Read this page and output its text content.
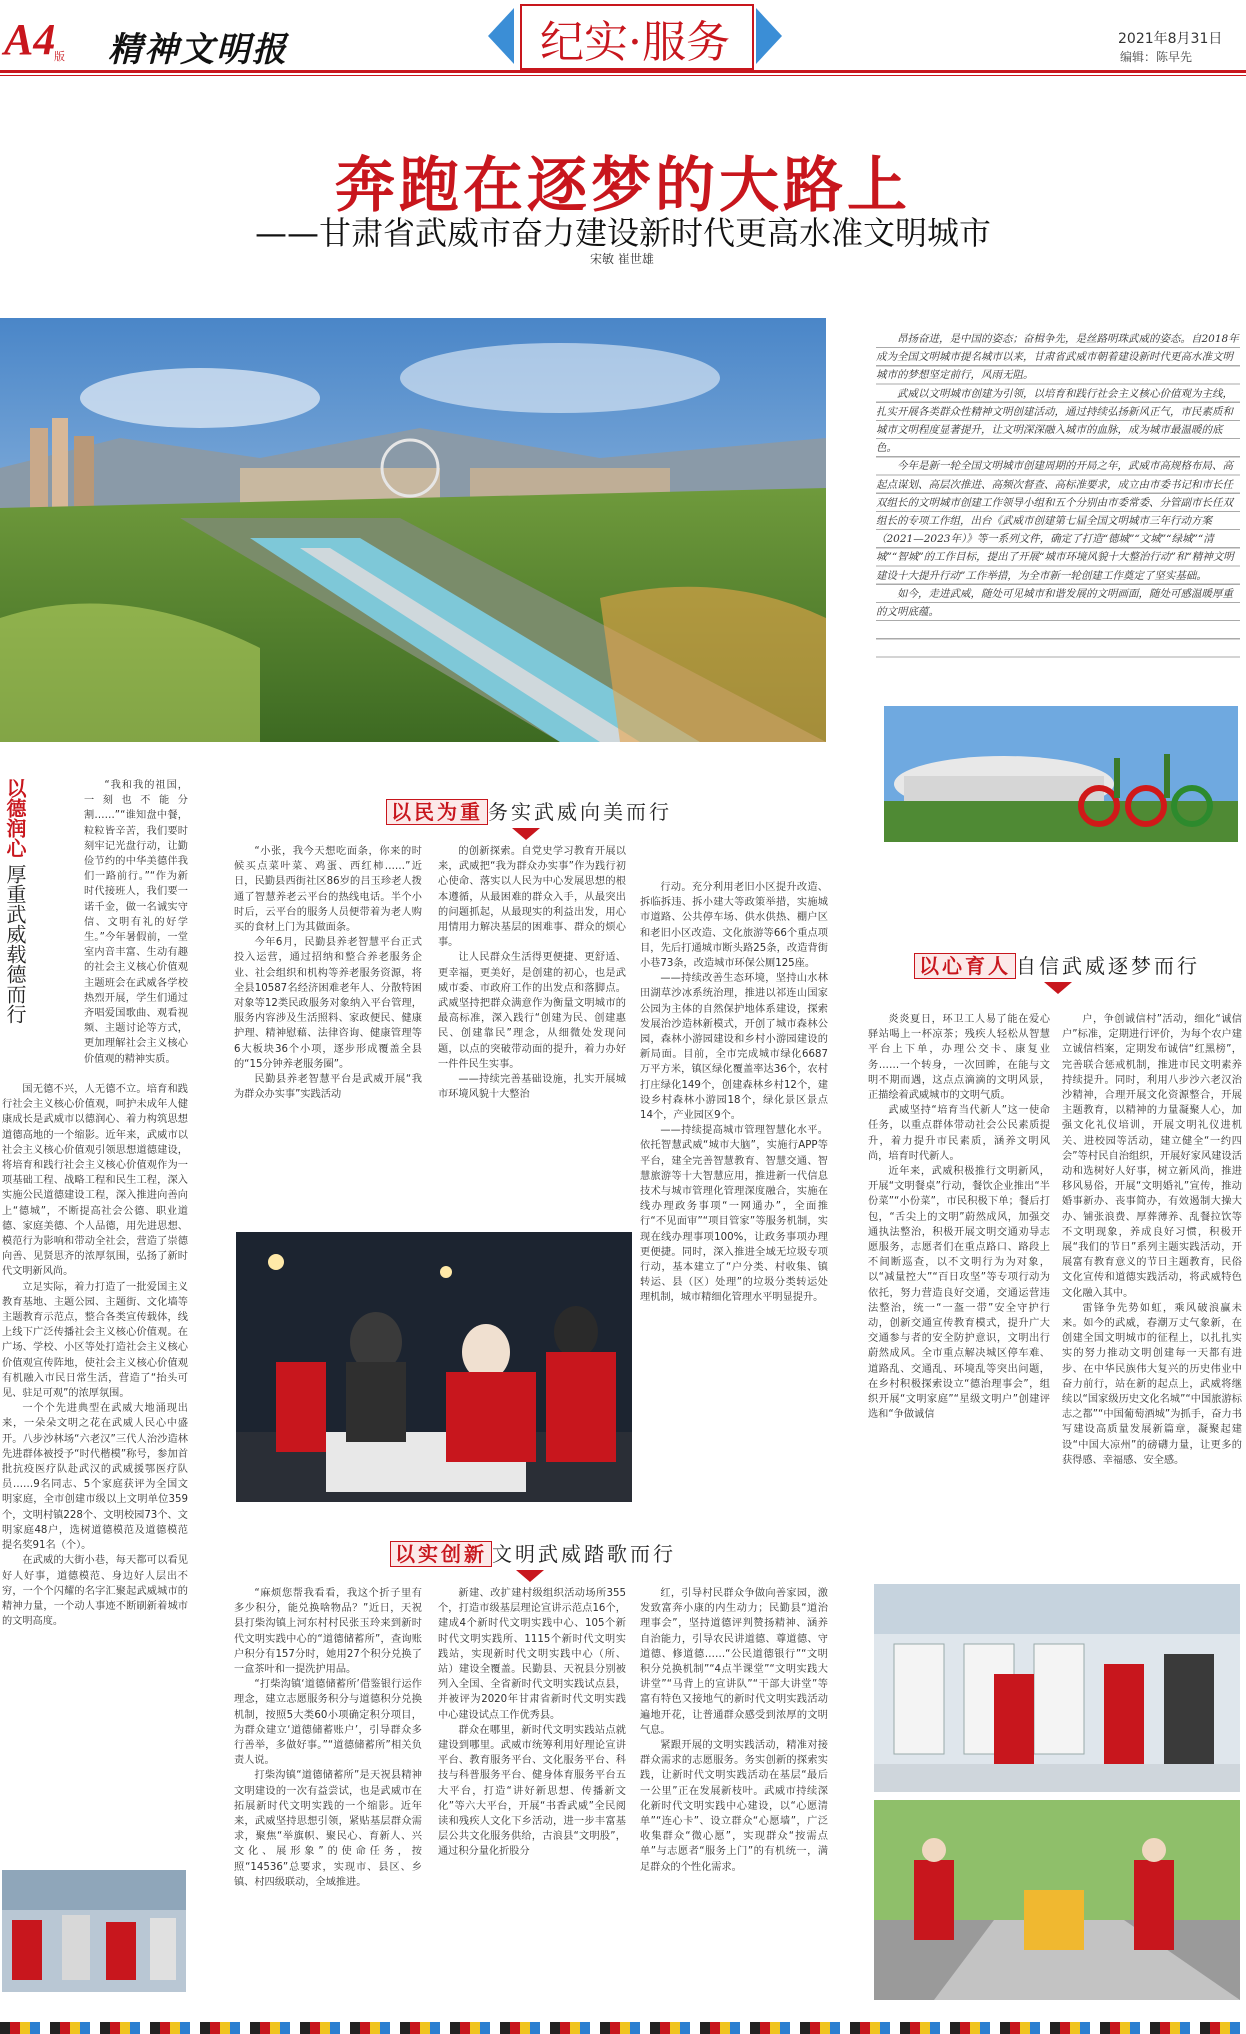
A4
版 精神文明报	纪实·服务	2021年8月31日
编辑：陈早先
奔跑在逐梦的大路上
——甘肃省武威市奋力建设新时代更高水准文明城市
宋敏 崔世雄

昂扬奋进，是中国的姿态；奋楫争先，是丝路明珠武威的姿态。自2018年成为全国文明城市提名城市以来，甘肃省武威市朝着建设新时代更高水准文明城市的梦想坚定前行，风雨无阻。

武威以文明城市创建为引领，以培育和践行社会主义核心价值观为主线，扎实开展各类群众性精神文明创建活动，通过持续弘扬新风正气，市民素质和城市文明程度显著提升，让文明深深融入城市的血脉，成为城市最温暖的底色。

今年是新一轮全国文明城市创建周期的开局之年，武威市高规格布局、高起点谋划、高层次推进、高频次督查、高标准要求，成立由市委书记和市长任双组长的文明城市创建工作领导小组和五个分别由市委常委、分管副市长任双组长的专项工作组，出台《武威市创建第七届全国文明城市三年行动方案（2021—2023年）》等一系列文件，确定了打造“德城”“文城”“绿城”“清城”“智城”的工作目标，提出了开展“城市环境风貌十大整治行动”和“精神文明建设十大提升行动”工作举措，为全市新一轮创建工作奠定了坚实基础。

如今，走进武威，随处可见城市和谐发展的文明画面，随处可感温暖厚重的文明底蕴。

以民为重 务实武威向美而行
以心育人 自信武威逐梦而行
以德润心
厚重武威载德而行

“我和我的祖国，一刻也不能分割……”“谁知盘中餐，粒粒皆辛苦，我们要时刻牢记光盘行动，让勤俭节约的中华美德伴我们一路前行。”“作为新时代接班人，我们要一诺千金，做一名诚实守信、文明有礼的好学生。”今年暑假前，一堂室内音丰富、生动有趣的社会主义核心价值观主题班会在武威各学校热烈开展，学生们通过齐唱爱国歌曲、观看视频、主题讨论等方式，更加理解社会主义核心价值观的精神实质。

国无德不兴，人无德不立。培育和践行社会主义核心价值观，呵护未成年人健康成长是武威市以德润心、着力构筑思想道德高地的一个缩影。近年来，武威市以社会主义核心价值观引领思想道德建设，将培育和践行社会主义核心价值观作为一项基础工程、战略工程和民生工程，深入实施公民道德建设工程，深入推进向善向上“德城”，不断提高社会公德、职业道德、家庭美德、个人品德，用先进思想、模范行为影响和带动全社会，营造了崇德向善、见贤思齐的浓厚氛围，弘扬了新时代文明新风尚。

立足实际，着力打造了一批爱国主义教育基地、主题公园、主题街、文化墙等主题教育示范点，整合各类宣传载体，线上线下广泛传播社会主义核心价值观。在广场、学校、小区等处打造社会主义核心价值观宣传阵地，使社会主义核心价值观有机融入市民日常生活，营造了“抬头可见、驻足可观”的浓厚氛围。

一个个先进典型在武威大地涌现出来，一朵朵文明之花在武威人民心中盛开。八步沙林场“六老汉”三代人治沙造林先进群体被授予“时代楷模”称号，参加首批抗疫医疗队赴武汉的武威援鄂医疗队员……9名同志、5个家庭获评为全国文明家庭，全市创建市级以上文明单位359个，文明村镇228个、文明校园73个、文明家庭48户，选树道德模范及道德模范提名奖91名（个）。

在武威的大街小巷，每天都可以看见好人好事，道德模范、身边好人层出不穷，一个个闪耀的名字汇聚起武威城市的精神力量，一个动人事迹不断刷新着城市的文明高度。

“小张，我今天想吃面条，你来的时候买点菜叶菜、鸡蛋、西红柿……”近日，民勤县西街社区86岁的吕玉珍老人拨通了智慧养老云平台的热线电话。半个小时后，云平台的服务人员便带着为老人购买的食材上门为其做面条。

今年6月，民勤县养老智慧平台正式投入运营，通过招纳和整合养老服务企业、社会组织和机构等养老服务资源，将全县10587名经济困难老年人、分散特困对象等12类民政服务对象纳入平台管理，服务内容涉及生活照料、家政便民、健康护理、精神慰藉、法律咨询、健康管理等6大板块36个小项，逐步形成覆盖全县的“15分钟养老服务圈”。

民勤县养老智慧平台是武威开展“我为群众办实事”实践活动

的创新探索。自党史学习教育开展以来，武威把“我为群众办实事”作为践行初心使命、落实以人民为中心发展思想的根本遵循，从最困难的群众入手，从最突出的问题抓起，从最现实的利益出发，用心用情用力解决基层的困难事、群众的烦心事。

让人民群众生活得更便捷、更舒适、更幸福，更美好，是创建的初心，也是武威市委、市政府工作的出发点和落脚点。武威坚持把群众满意作为衡量文明城市的最高标准，深入践行“创建为民、创建惠民、创建靠民”理念，从细微处发现问题，以点的突破带动面的提升，着力办好一件件民生实事。

——持续完善基础设施，扎实开展城市环境风貌十大整治

行动。充分利用老旧小区提升改造、拆临拆违、拆小建大等政策举措，实施城市道路、公共停车场、供水供热、棚户区和老旧小区改造、文化旅游等66个重点项目，先后打通城市断头路25条，改造背街小巷73条，改造城市环保公厕125座。

——持续改善生态环境，坚持山水林田湖草沙冰系统治理，推进以祁连山国家公园为主体的自然保护地体系建设，探索发展治沙造林新模式，开创了城市森林公园，森林小游园建设和乡村小游园建设的新局面。目前，全市完成城市绿化6687万平方米，镇区绿化覆盖率达36个，农村打庄绿化149个，创建森林乡村12个，建设乡村森林小游园18个，绿化景区景点14个，产业园区9个。

——持续提高城市管理智慧化水平。依托智慧武威“城市大脑”，实施行APP等平台，建全完善智慧教育、智慧交通、智慧旅游等十大智慧应用，推进新一代信息技术与城市管理化管理深度融合，实施在线办理政务事项“一网通办”，全面推行“不见面审”“项目管家”等服务机制，实现在线办理事项100%，让政务事项办理更便捷。同时，深入推进全域无垃圾专项行动，基本建立了“户分类、村收集、镇转运、县（区）处理”的垃圾分类转运处理机制，城市精细化管理水平明显提升。

以实创新 文明武威踏歌而行

“麻烦您帮我看看，我这个折子里有多少积分，能兑换啥物品？”近日，天祝县打柴沟镇上河东村村民张玉玲来到新时代文明实践中心的“道德储蓄所”，查询账户积分有157分时，她用27个积分兑换了一盒茶叶和一提洗护用品。

“打柴沟镇‘道德储蓄所’借鉴银行运作理念，建立志愿服务积分与道德积分兑换机制，按照5大类60小项确定积分项目，为群众建立‘道德储蓄账户’，引导群众多行善举，多做好事。”“道德储蓄所”相关负责人说。

打柴沟镇“道德储蓄所”是天祝县精神文明建设的一次有益尝试，也是武威市在拓展新时代文明实践的一个缩影。近年来，武威坚持思想引领，紧贴基层群众需求，聚焦“举旗帜、聚民心、育新人、兴文化、展形象”的使命任务，按照“14536”总要求，实现市、县区、乡镇、村四级联动，全域推进。

新建、改扩建村级组织活动场所355个，打造市级基层理论宣讲示范点16个，建成4个新时代文明实践中心、105个新时代文明实践所、1115个新时代文明实践站，实现新时代文明实践中心（所、站）建设全覆盖。民勤县、天祝县分别被列入全国、全省新时代文明实践试点县，并被评为2020年甘肃省新时代文明实践中心建设试点工作优秀县。

群众在哪里，新时代文明实践站点就建设到哪里。武威市统筹利用好理论宣讲平台、教育服务平台、文化服务平台、科技与科普服务平台、健身体育服务平台五大平台，打造“讲好新思想、传播新文化”等六大平台，开展“书香武威”全民阅读和残疾人文化下乡活动，进一步丰富基层公共文化服务供给，古浪县“文明股”，通过积分量化折股分

红，引导村民群众争做向善家园，激发致富奔小康的内生动力；民勤县“道治理事会”，坚持道德评判赞扬精神、涵养自治能力，引导农民讲道德、尊道德、守道德、修道德……“公民道德银行”“文明积分兑换机制”“4点半课堂”“文明实践大讲堂”“马背上的宣讲队”“干部大讲堂”等富有特色又接地气的新时代文明实践活动遍地开花，让普通群众感受到浓厚的文明气息。

紧跟开展的文明实践活动，精准对接群众需求的志愿服务。务实创新的探索实践，让新时代文明实践活动在基层“最后一公里”正在发展新枝叶。武威市持续深化新时代文明实践中心建设，以“心愿清单”“连心卡”、设立群众“心愿墙”，广泛收集群众“微心愿”，实现群众“按需点单”与志愿者“服务上门”的有机统一，满足群众的个性化需求。

炎炎夏日，环卫工人易了能在爱心驿站喝上一杯凉茶；残疾人轻松从智慧平台上下单，办理公交卡、康复业务……一个转身，一次回眸，在能与文明不期而遇，这点点滴滴的文明风景，正描绘着武威城市的文明气质。

武威坚持“培育当代新人”这一使命任务，以重点群体带动社会公民素质提升，着力提升市民素质，涵养文明风尚，培育时代新人。

近年来，武威积极推行文明新风，开展“文明餐桌”行动，餐饮企业推出“半份菜”“小份菜”，市民积极下单；餐后打包，“舌尖上的文明”蔚然成风，加强交通执法整治，积极开展文明交通劝导志愿服务，志愿者们在重点路口、路段上不间断巡查，以不文明行为为对象，以“减量控大”“百日攻坚”等专项行动为依托，努力营造良好交通，交通运营违法整治，统一“一盔一带”安全守护行动，创新交通宣传教育模式，提升广大交通参与者的安全防护意识，文明出行蔚然成风。全市重点解决城区停车难、道路乱、交通乱、环境乱等突出问题，在乡村积极探索设立“德治理事会”，组织开展“文明家庭”“星级文明户”创建评选和“争做诚信

户，争创诚信村”活动，细化“诚信户”标准，定期进行评价，为每个农户建立诚信档案，定期发布诚信“红黑榜”，完善联合惩戒机制，推进市民文明素养持续提升。同时，利用八步沙六老汉治沙精神，合理开展文化资源整合，开展主题教育，以精神的力量凝聚人心，加强文化礼仪培训，开展文明礼仪进机关、进校园等活动，建立健全“一约四会”等村民自治组织，开展好家风建设活动和选树好人好事，树立新风尚，推进移风易俗，开展“文明婚礼”宣传，推动婚事新办、丧事简办，有效遏制大操大办、铺张浪费、厚葬薄养、乱餐拉饮等不文明现象，养成良好习惯，积极开展“我们的节日”系列主题实践活动，开展富有教育意义的节日主题教育，民俗文化宣传和道德实践活动，将武威特色文化融入其中。

雷锋争先势如虹，乘风破浪赢未来。如今的武威，春潮万丈气象新，在创建全国文明城市的征程上，以扎扎实实的努力推动文明创建每一天都有进步、在中华民族伟大复兴的历史伟业中奋力前行，站在新的起点上，武威将继续以“国家级历史文化名城”“中国旅游标志之都”“中国葡萄酒城”为抓手，奋力书写建设高质量发展新篇章，凝聚起建设“中国大凉州”的磅礴力量，让更多的获得感、幸福感、安全感。
